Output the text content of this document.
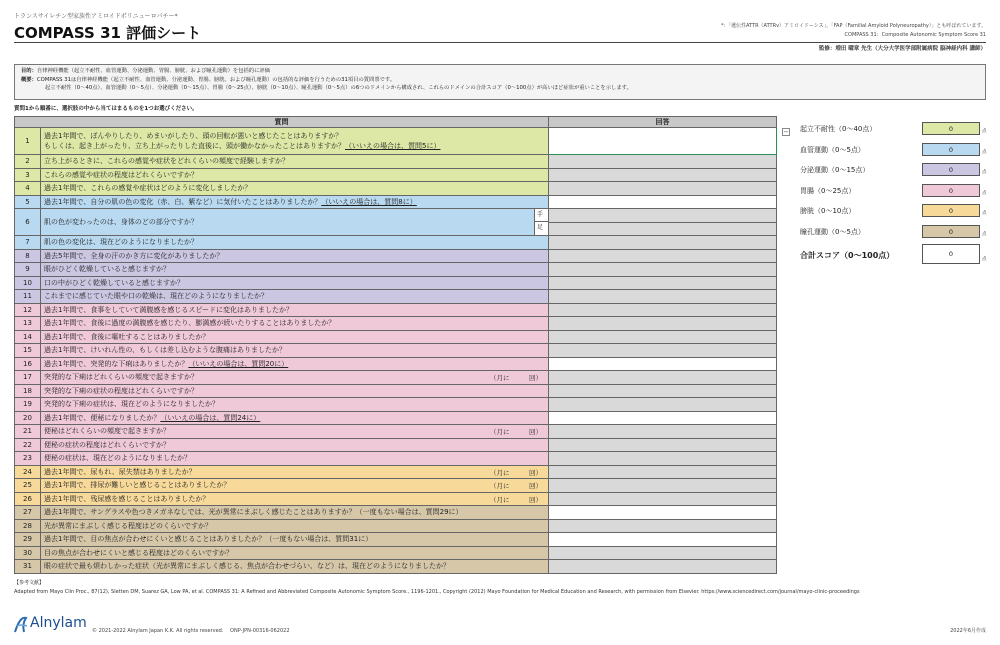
トランスサイレチン型家族性アミロイドポリニューロパチー*
COMPASS 31 評価シート	*：「遺伝性ATTR（ATTRv）アミロイドーシス」、「FAP（Familial Amyloid Polyneuropathy）」とも呼ばれています。
COMPASS 31：Composite Autonomic Symptom Score 31
監修：増田 曜章 先生（大分大学医学部附属病院 脳神経内科 講師）
目的：自律神経機能（起立不耐性、血管運動、分泌運動、胃腸、膀胱、および瞳孔運動）を包括的に評価
概要：COMPASS 31は自律神経機能（起立不耐性、血管運動、分泌運動、胃腸、膀胱、および瞳孔運動）の包括的な評価を行うための31項目の質問票です。
起立不耐性（0～40点）、血管運動（0～5点）、分泌運動（0～15点）、胃腸（0～25点）、膀胱（0～10点）、瞳孔運動（0～5点）の6つのドメインから構成され、これらのドメインの合計スコア（0～100点）が高いほど症状が重いことを示します。
質問1から順番に、選択肢の中から当てはまるものを1つお選びください。
質問		回答
1	過去1年間で、ぼんやりしたり、めまいがしたり、頭の回転が悪いと感じたことはありますか？
もしくは、起き上がったり、立ち上がったりした直後に、頭が働かなかったことはありますか？（いいえの場合は、質問5に）	

2	立ち上がるときに、これらの感覚や症状をどれくらいの頻度で経験しますか？	
3	これらの感覚や症状の程度はどれくらいですか？	
4	過去1年間で、これらの感覚や症状はどのように変化しましたか？	
5	過去1年間で、自分の肌の色の変化（赤、白、紫など）に気付いたことはありましたか？（いいえの場合は、質問8に）	
6	肌の色が変わったのは、身体のどの部分ですか？
手
足	

7	肌の色の変化は、現在どのようになりましたか？	
8	過去5年間で、全身の汗のかき方に変化がありましたか？	
9	眼がひどく乾燥していると感じますか？	
10	口の中がひどく乾燥していると感じますか？	
11	これまでに感じていた眼や口の乾燥は、現在どのようになりましたか？	
12	過去1年間で、食事をしていて満腹感を感じるスピードに変化はありましたか？	
13	過去1年間で、食後に過度の満腹感を感じたり、膨満感が続いたりすることはありましたか？	
14	過去1年間で、食後に嘔吐することはありましたか？	
15	過去1年間で、けいれん性の、もしくは差し込むような腹痛はありましたか？	
16	過去1年間で、突発的な下痢はありましたか？（いいえの場合は、質問20に）	
17	突発的な下痢はどれくらいの頻度で起きますか？ （月に　　　回）	

18	突発的な下痢の症状の程度はどれくらいですか？	
19	突発的な下痢の症状は、現在どのようになりましたか？	
20	過去1年間で、便秘になりましたか？（いいえの場合は、質問24に）	
21	便秘はどれくらいの頻度で起きますか？ （月に　　　回）	

22	便秘の症状の程度はどれくらいですか？	
23	便秘の症状は、現在どのようになりましたか？	
24	過去1年間で、尿もれ、尿失禁はありましたか？ （月に　　　回）	

25	過去1年間で、排尿が難しいと感じることはありましたか？ （月に　　　回）	

26	過去1年間で、残尿感を感じることはありましたか？ （月に　　　回）	

27	過去1年間で、サングラスや色つきメガネなしでは、光が異常にまぶしく感じたことはありますか？（一度もない場合は、質問29に）	
28	光が異常にまぶしく感じる程度はどのくらいですか？	
29	過去1年間で、目の焦点が合わせにくいと感じることはありましたか？（一度もない場合は、質問31に）	
30	目の焦点が合わせにくいと感じる程度はどのくらいですか？	
31	眼の症状で最も煩わしかった症状（光が異常にまぶしく感じる、焦点が合わせづらい、など）は、現在どのようになりましたか？	
− 起立不耐性（0～40点）	0	点
血管運動（0～5点）	0	点
分泌運動（0～15点）	0	点
胃腸（0～25点）	0	点
膀胱（0～10点）	0	点
瞳孔運動（0～5点）	0	点
合計スコア（0～100点）	0
点
【参考文献】
Adapted from Mayo Clin Proc., 87(12), Sletten DM, Suarez GA, Low PA, et al. COMPASS 31: A Refined and Abbreviated Composite Autonomic Symptom Score., 1196-1201., Copyright (2012) Mayo Foundation for Medical Education and Research, with permission from Elsevier. https://www.sciencedirect.com/journal/mayo-clinic-proceedings
Alnylam © 2021-2022 Alnylam Japan K.K. All rights reserved.　 ONP-JPN-00316-062022	2022年6月作成
